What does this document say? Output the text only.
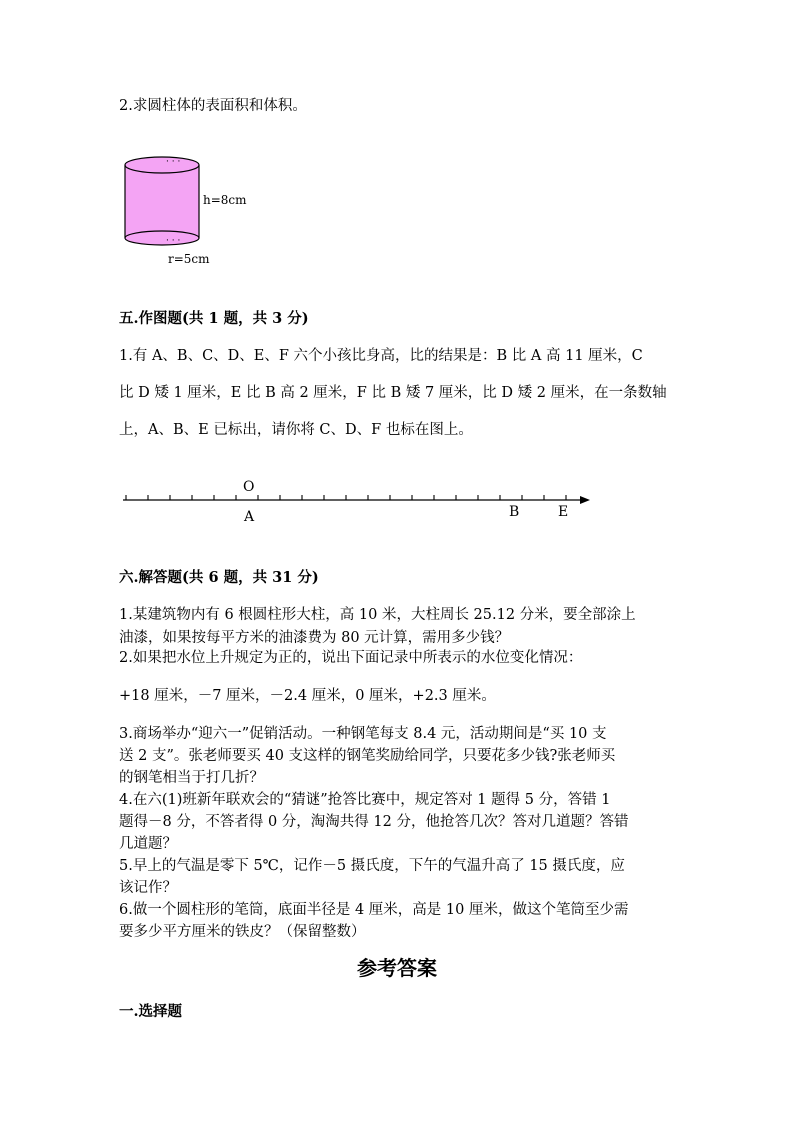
2.求圆柱体的表面积和体积。
· · ·
· · ·
h=8cm
r=5cm
五.作图题(共 1 题，共 3 分)
1.有 A、B、C、D、E、F 六个小孩比身高，比的结果是：B 比 A 高 11 厘米，C
比 D 矮 1 厘米，E 比 B 高 2 厘米，F 比 B 矮 7 厘米，比 D 矮 2 厘米，在一条数轴
上，A、B、E 已标出，请你将 C、D、F 也标在图上。
O
A	B	E
六.解答题(共 6 题，共 31 分)
1.某建筑物内有 6 根圆柱形大柱，高 10 米，大柱周长 25.12 分米，要全部涂上
油漆，如果按每平方米的油漆费为 80 元计算，需用多少钱？
2.如果把水位上升规定为正的，说出下面记录中所表示的水位变化情况：
+18 厘米，－7 厘米，－2.4 厘米，0 厘米，+2.3 厘米。
3.商场举办“迎六一”促销活动。一种钢笔每支 8.4 元，活动期间是“买 10 支
送 2 支”。张老师要买 40 支这样的钢笔奖励给同学，只要花多少钱?张老师买
的钢笔相当于打几折？
4.在六(1)班新年联欢会的“猜谜”抢答比赛中，规定答对 1 题得 5 分，答错 1
题得－8 分，不答者得 0 分，淘淘共得 12 分，他抢答几次？答对几道题？答错
几道题？
5.早上的气温是零下 5℃，记作－5 摄氏度，下午的气温升高了 15 摄氏度，应
该记作？
6.做一个圆柱形的笔筒，底面半径是 4 厘米，高是 10 厘米，做这个笔筒至少需
要多少平方厘米的铁皮？（保留整数）
参考答案
一.选择题
